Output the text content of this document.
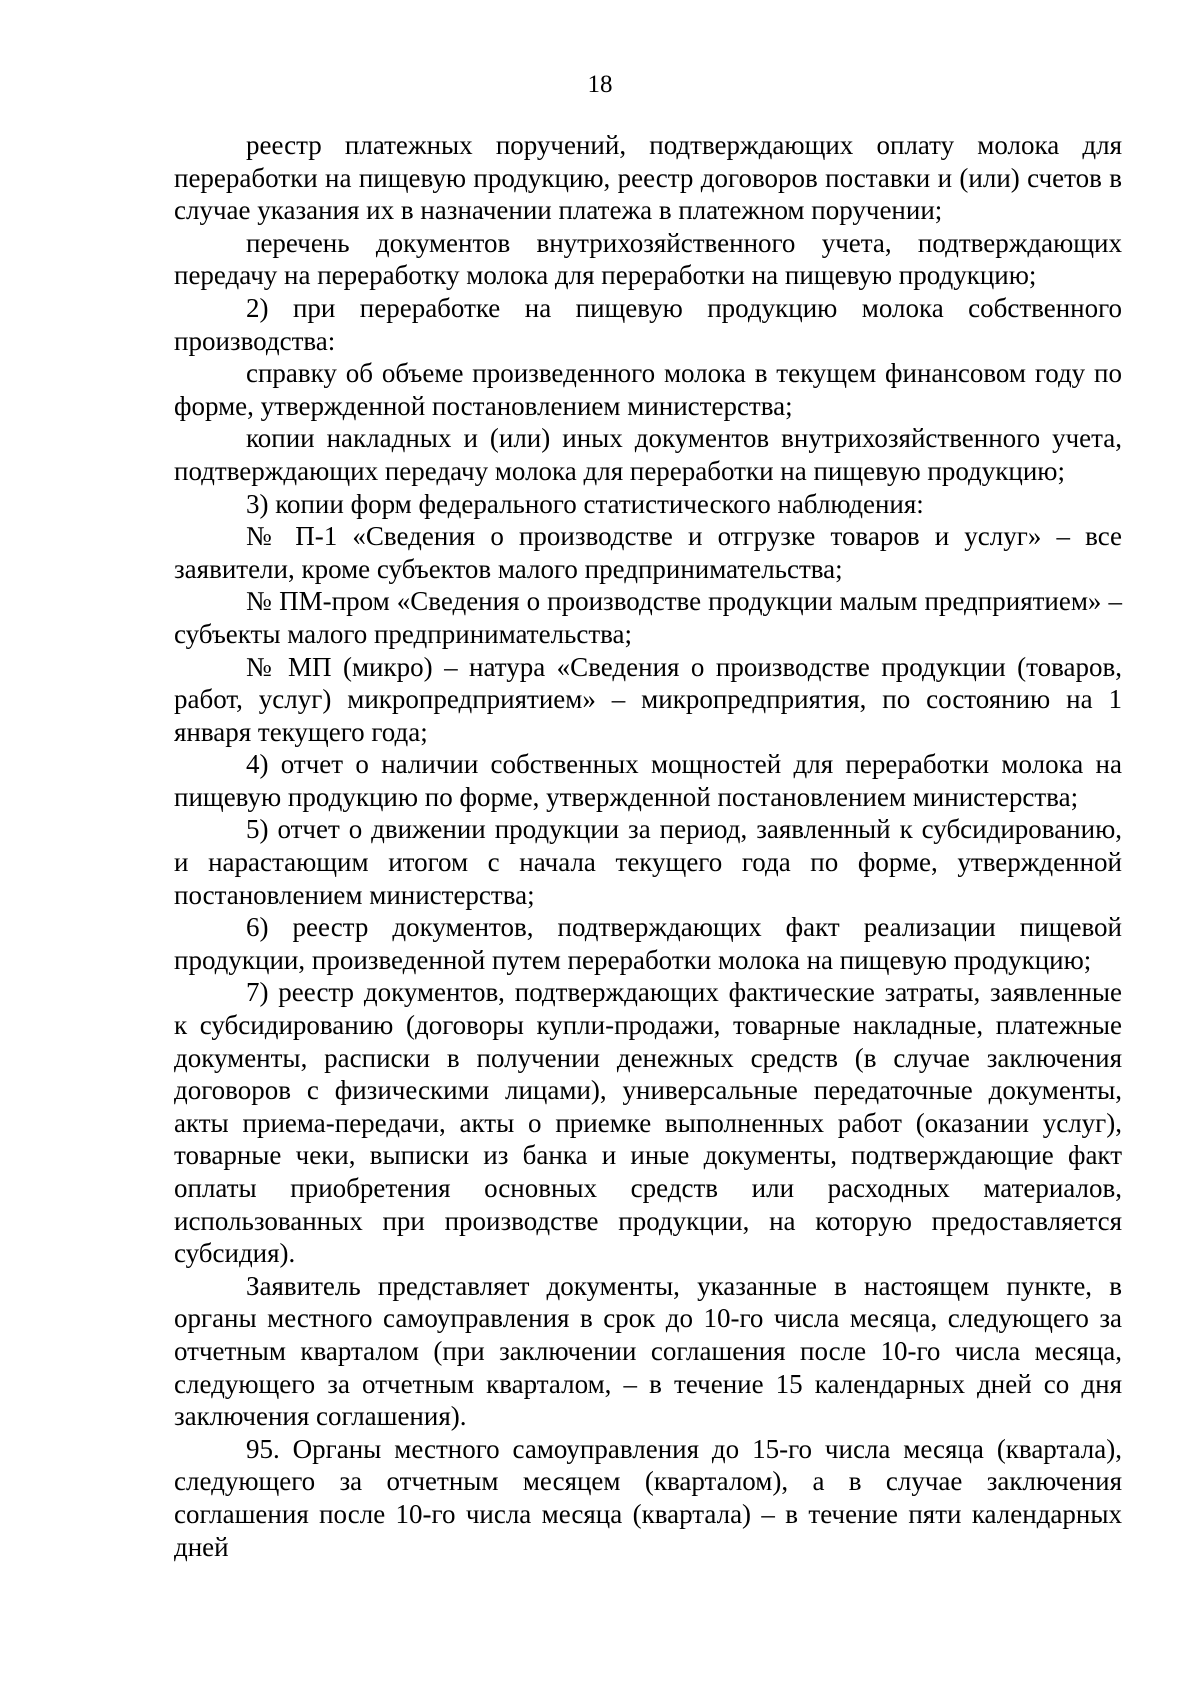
18

реестр платежных поручений, подтверждающих оплату молока для переработки на пищевую продукцию, реестр договоров поставки и (или) счетов в случае указания их в назначении платежа в платежном поручении;

перечень документов внутрихозяйственного учета, подтверждающих передачу на переработку молока для переработки на пищевую продукцию;

2) при переработке на пищевую продукцию молока собственного производства:

справку об объеме произведенного молока в текущем финансовом году по форме, утвержденной постановлением министерства;

копии накладных и (или) иных документов внутрихозяйственного учета, подтверждающих передачу молока для переработки на пищевую продукцию;

3) копии форм федерального статистического наблюдения:

№ П-1 «Сведения о производстве и отгрузке товаров и услуг» – все заявители, кроме субъектов малого предпринимательства;

№ ПМ-пром «Сведения о производстве продукции малым предприятием» – субъекты малого предпринимательства;

№ МП (микро) – натура «Сведения о производстве продукции (товаров, работ, услуг) микропредприятием» – микропредприятия, по состоянию на 1 января текущего года;

4) отчет о наличии собственных мощностей для переработки молока на пищевую продукцию по форме, утвержденной постановлением министерства;

5) отчет о движении продукции за период, заявленный к субсидированию, и нарастающим итогом с начала текущего года по форме, утвержденной постановлением министерства;

6) реестр документов, подтверждающих факт реализации пищевой продукции, произведенной путем переработки молока на пищевую продукцию;

7) реестр документов, подтверждающих фактические затраты, заявленные к субсидированию (договоры купли-продажи, товарные накладные, платежные документы, расписки в получении денежных средств (в случае заключения договоров с физическими лицами), универсальные передаточные документы, акты приема-передачи, акты о приемке выполненных работ (оказании услуг), товарные чеки, выписки из банка и иные документы, подтверждающие факт оплаты приобретения основных средств или расходных материалов, использованных при производстве продукции, на которую предоставляется субсидия).

Заявитель представляет документы, указанные в настоящем пункте, в органы местного самоуправления в срок до 10-го числа месяца, следующего за отчетным кварталом (при заключении соглашения после 10-го числа месяца, следующего за отчетным кварталом, – в течение 15 календарных дней со дня заключения соглашения).

95. Органы местного самоуправления до 15-го числа месяца (квартала), следующего за отчетным месяцем (кварталом), а в случае заключения соглашения после 10-го числа месяца (квартала) – в течение пяти календарных дней
